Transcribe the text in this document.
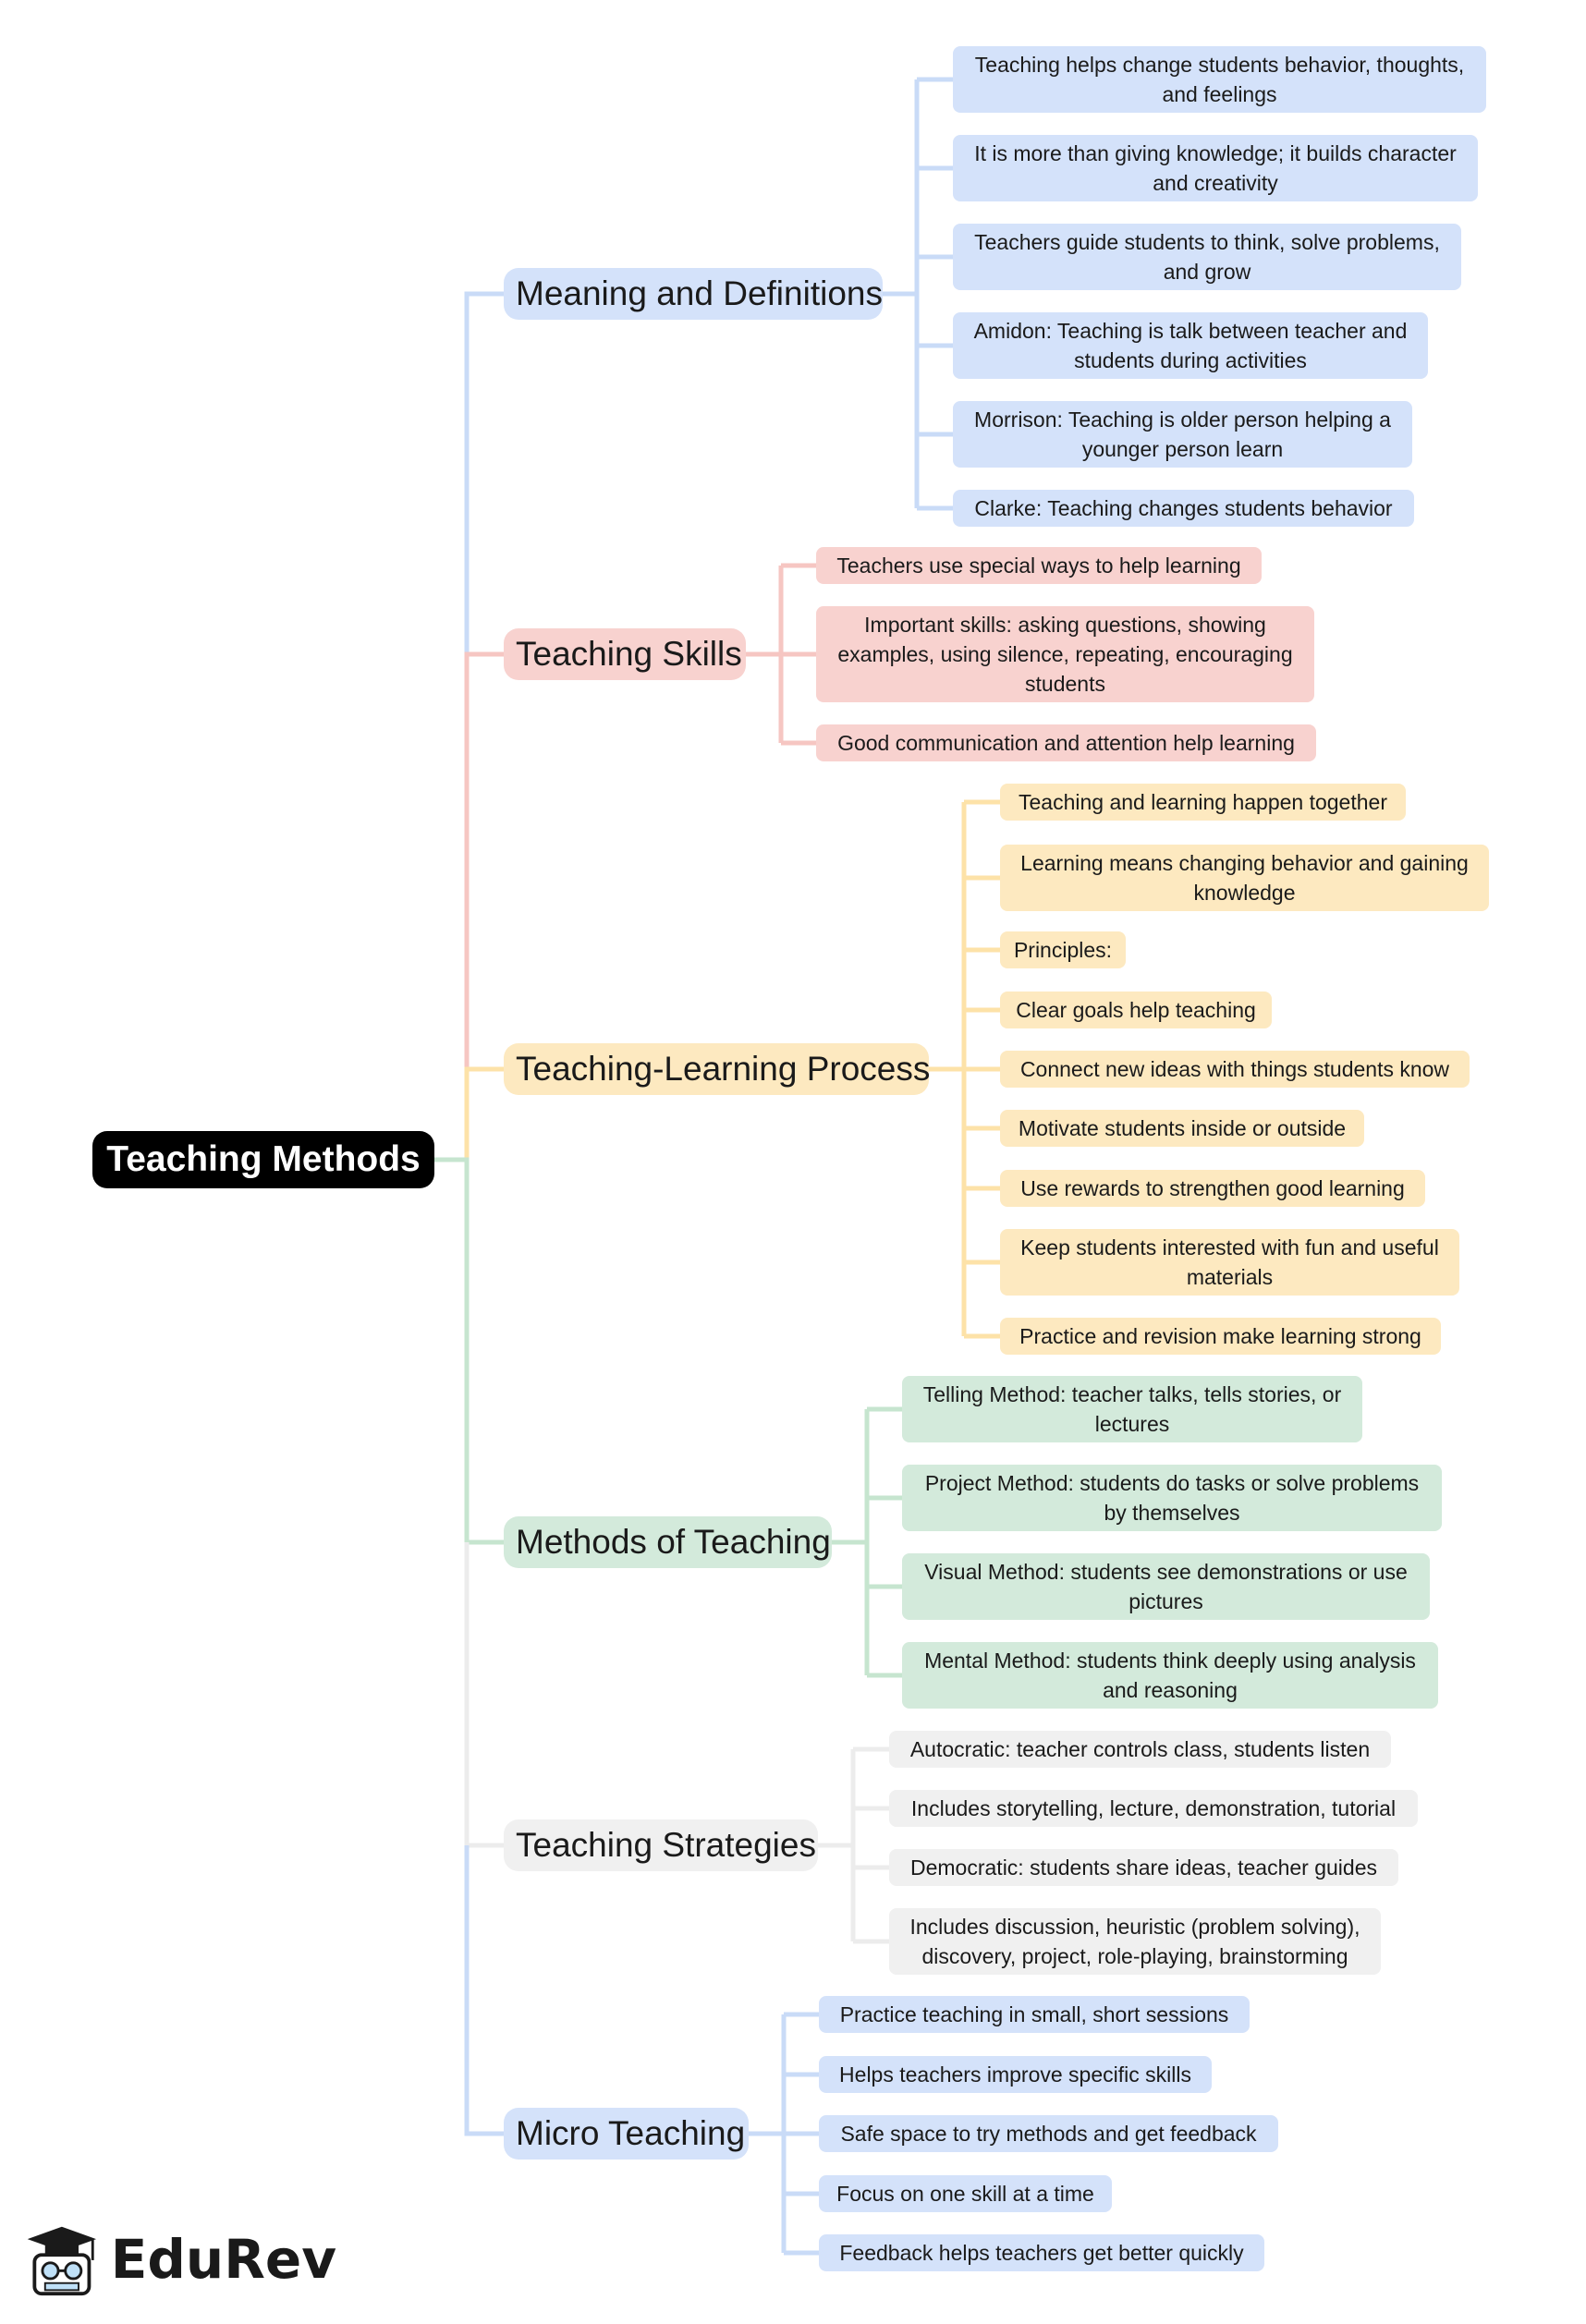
Teaching Methods
Meaning and Definitions
Teaching helps change students behavior, thoughts, and feelings
It is more than giving knowledge; it builds character and creativity
Teachers guide students to think, solve problems, and grow
Amidon: Teaching is talk between teacher and students during activities
Morrison: Teaching is older person helping a younger person learn
Clarke: Teaching changes students behavior
Teaching Skills
Teachers use special ways to help learning
Important skills: asking questions, showing examples, using silence, repeating, encouraging students
Good communication and attention help learning
Teaching-Learning Process
Teaching and learning happen together
Learning means changing behavior and gaining knowledge
Principles:
Clear goals help teaching
Connect new ideas with things students know
Motivate students inside or outside
Use rewards to strengthen good learning
Keep students interested with fun and useful materials
Practice and revision make learning strong
Methods of Teaching
Telling Method: teacher talks, tells stories, or lectures
Project Method: students do tasks or solve problems by themselves
Visual Method: students see demonstrations or use pictures
Mental Method: students think deeply using analysis and reasoning
Teaching Strategies
Autocratic: teacher controls class, students listen
Includes storytelling, lecture, demonstration, tutorial
Democratic: students share ideas, teacher guides
Includes discussion, heuristic (problem solving), discovery, project, role-playing, brainstorming
Micro Teaching
Practice teaching in small, short sessions
Helps teachers improve specific skills
Safe space to try methods and get feedback
Focus on one skill at a time
Feedback helps teachers get better quickly
EduRev
